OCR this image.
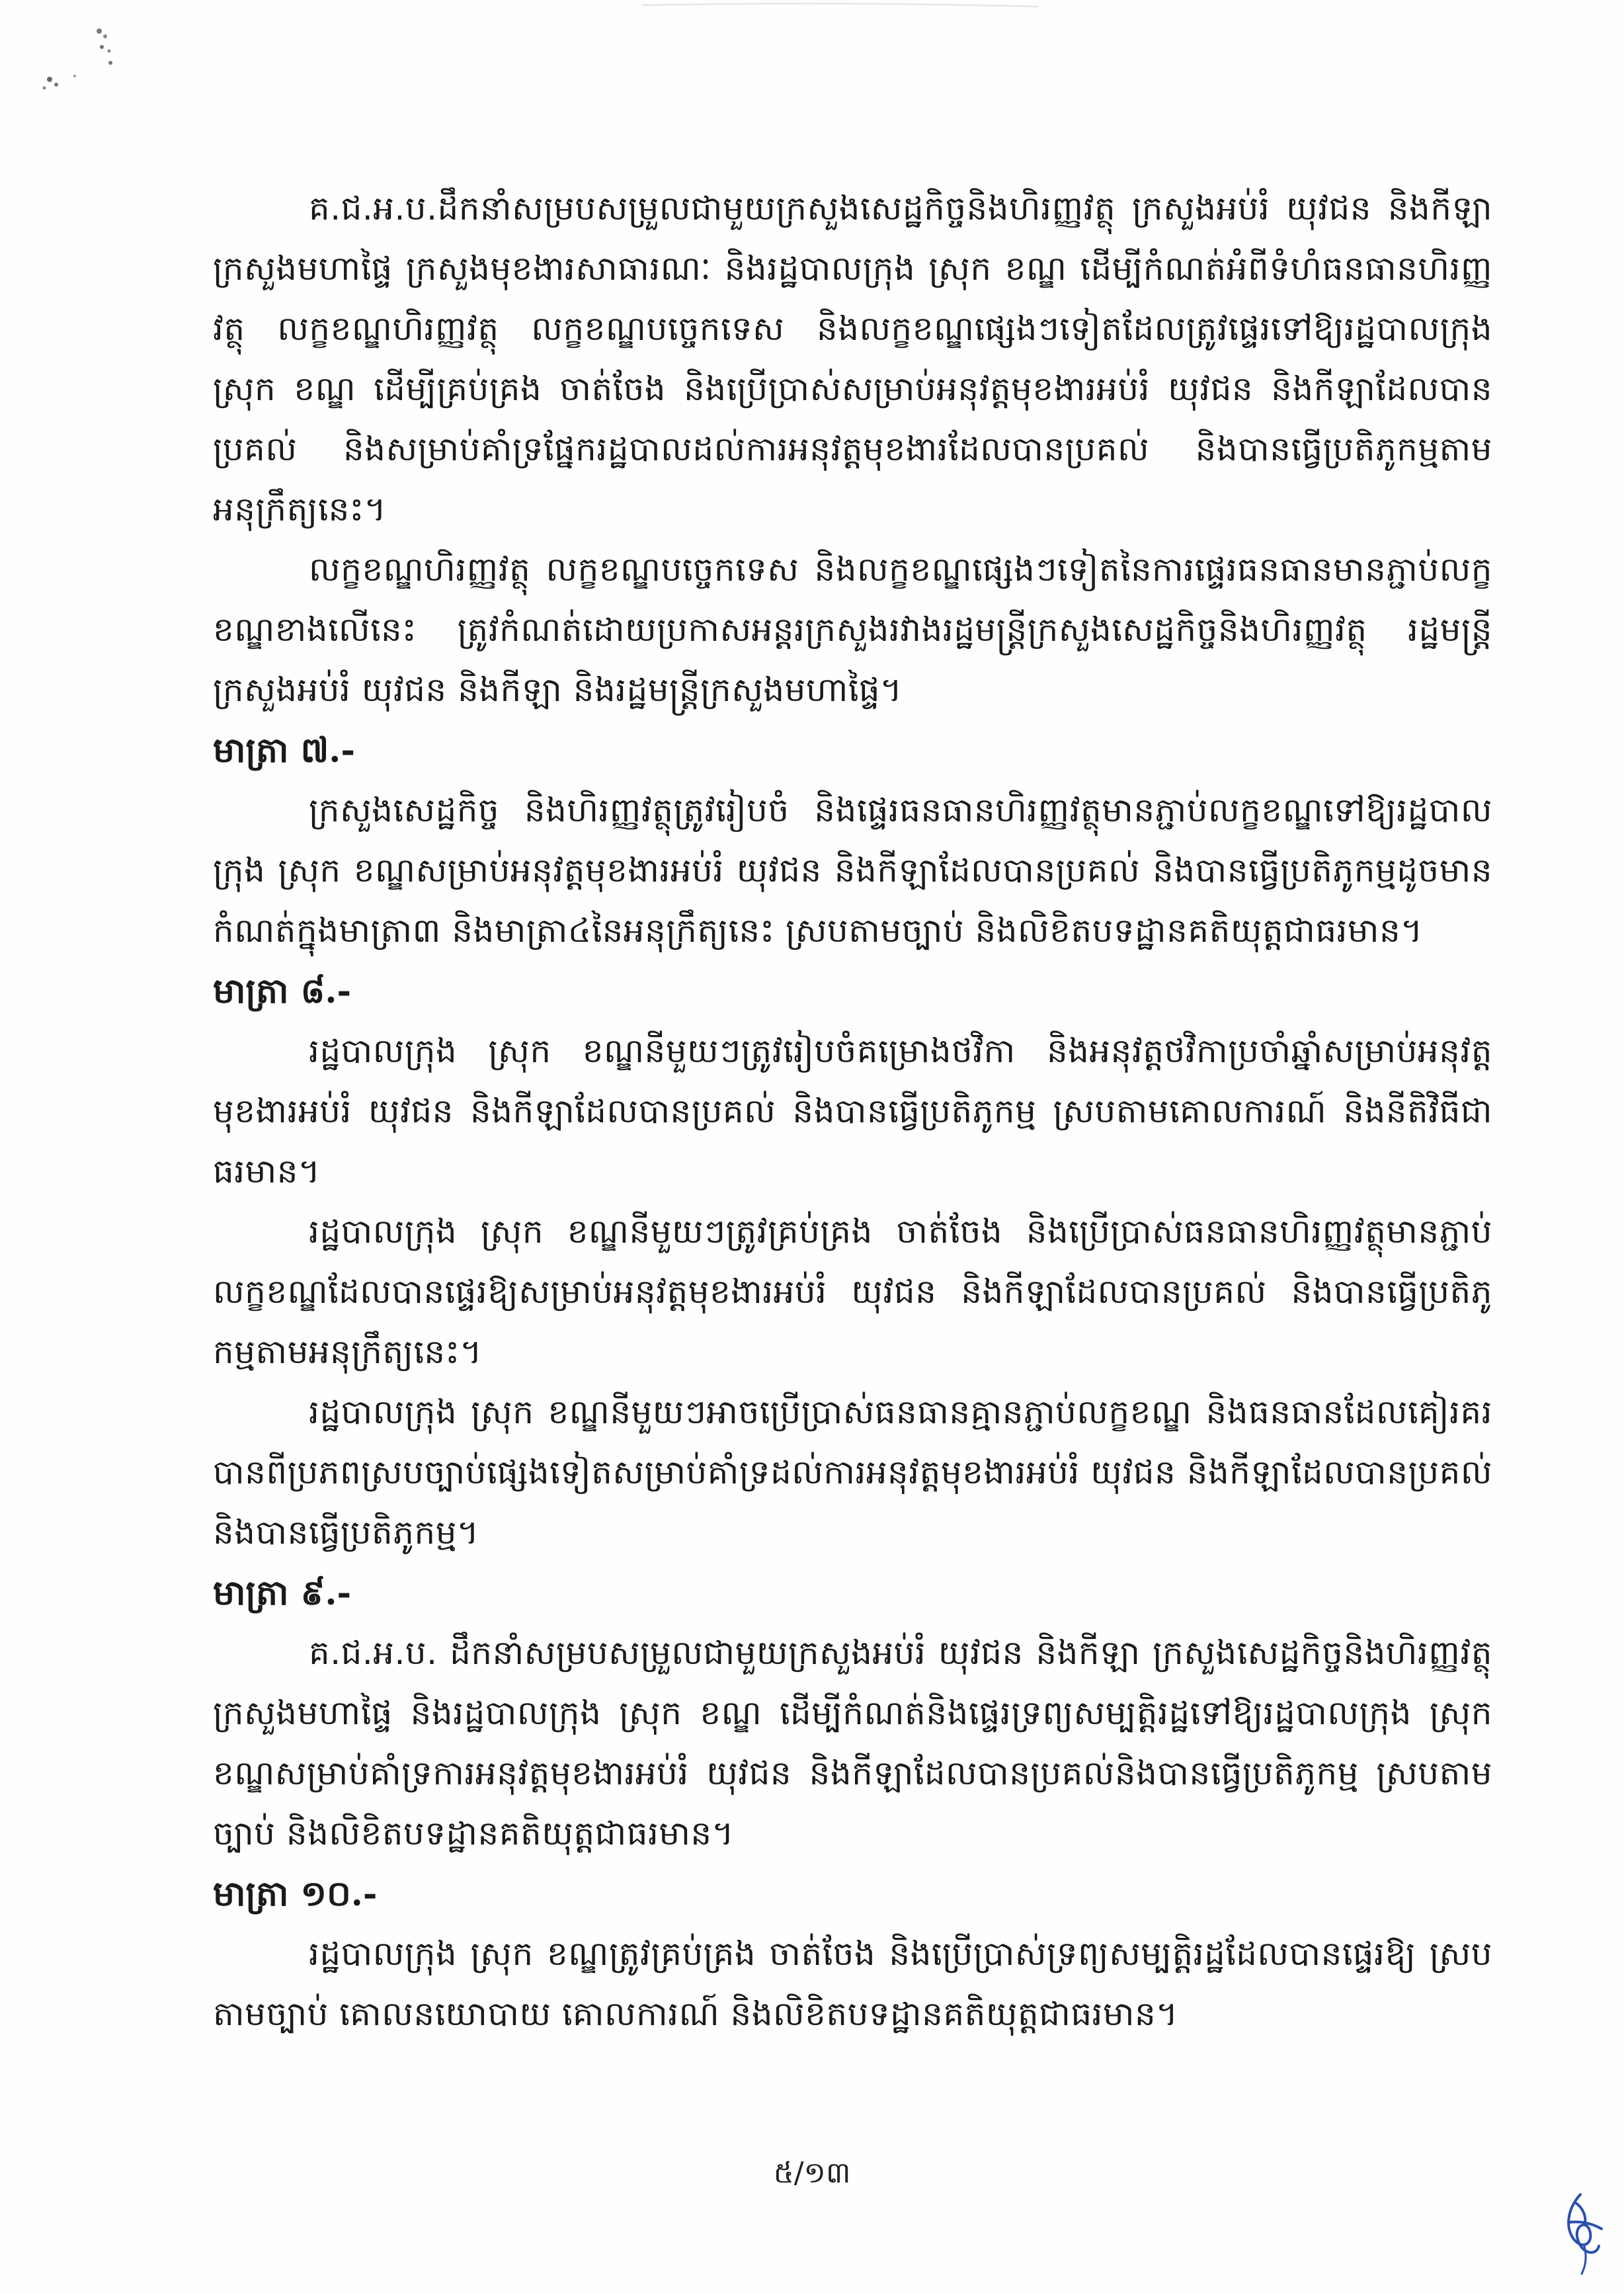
គ.ជ.អ.ប.ដឹកនាំសម្របសម្រួលជាមួយក្រសួងសេដ្ឋកិច្ចនិងហិរញ្ញវត្ថុ ក្រសួងអប់រំ យុវជន និងកីឡា ក្រសួងមហាផ្ទៃ ក្រសួងមុខងារសាធារណៈ និងរដ្ឋបាលក្រុង ស្រុក ខណ្ឌ ដើម្បីកំណត់អំពីទំហំធនធានហិរញ្ញវត្ថុ លក្ខខណ្ឌហិរញ្ញវត្ថុ លក្ខខណ្ឌបច្ចេកទេស និងលក្ខខណ្ឌផ្សេងៗទៀតដែលត្រូវផ្ទេរទៅឱ្យរដ្ឋបាលក្រុង ស្រុក ខណ្ឌ ដើម្បីគ្រប់គ្រង ចាត់ចែង និងប្រើប្រាស់សម្រាប់អនុវត្តមុខងារអប់រំ យុវជន និងកីឡាដែលបានប្រគល់ និងសម្រាប់គាំទ្រផ្នែករដ្ឋបាលដល់ការអនុវត្តមុខងារដែលបានប្រគល់ និងបានធ្វើប្រតិភូកម្មតាមអនុក្រឹត្យនេះ។

លក្ខខណ្ឌហិរញ្ញវត្ថុ លក្ខខណ្ឌបច្ចេកទេស និងលក្ខខណ្ឌផ្សេងៗទៀតនៃការផ្ទេរធនធានមានភ្ជាប់លក្ខខណ្ឌខាងលើនេះ ត្រូវកំណត់ដោយប្រកាសអន្តរក្រសួងរវាងរដ្ឋមន្ត្រីក្រសួងសេដ្ឋកិច្ចនិងហិរញ្ញវត្ថុ រដ្ឋមន្ត្រីក្រសួងអប់រំ យុវជន និងកីឡា និងរដ្ឋមន្ត្រីក្រសួងមហាផ្ទៃ។

មាត្រា ៧.-

ក្រសួងសេដ្ឋកិច្ច និងហិរញ្ញវត្ថុត្រូវរៀបចំ និងផ្ទេរធនធានហិរញ្ញវត្ថុមានភ្ជាប់លក្ខខណ្ឌទៅឱ្យរដ្ឋបាលក្រុង ស្រុក ខណ្ឌសម្រាប់អនុវត្តមុខងារអប់រំ យុវជន និងកីឡាដែលបានប្រគល់ និងបានធ្វើប្រតិភូកម្មដូចមានកំណត់ក្នុងមាត្រា៣ និងមាត្រា៤នៃអនុក្រឹត្យនេះ ស្របតាមច្បាប់ និងលិខិតបទដ្ឋានគតិយុត្តជាធរមាន។

មាត្រា ៨.-

រដ្ឋបាលក្រុង ស្រុក ខណ្ឌនីមួយៗត្រូវរៀបចំគម្រោងថវិកា និងអនុវត្តថវិកាប្រចាំឆ្នាំសម្រាប់អនុវត្តមុខងារអប់រំ យុវជន និងកីឡាដែលបានប្រគល់ និងបានធ្វើប្រតិភូកម្ម ស្របតាមគោលការណ៍ និងនីតិវិធីជាធរមាន។

រដ្ឋបាលក្រុង ស្រុក ខណ្ឌនីមួយៗត្រូវគ្រប់គ្រង ចាត់ចែង និងប្រើប្រាស់ធនធានហិរញ្ញវត្ថុមានភ្ជាប់លក្ខខណ្ឌដែលបានផ្ទេរឱ្យសម្រាប់អនុវត្តមុខងារអប់រំ យុវជន និងកីឡាដែលបានប្រគល់ និងបានធ្វើប្រតិភូកម្មតាមអនុក្រឹត្យនេះ។

រដ្ឋបាលក្រុង ស្រុក ខណ្ឌនីមួយៗអាចប្រើប្រាស់ធនធានគ្មានភ្ជាប់លក្ខខណ្ឌ និងធនធានដែលគៀរគរបានពីប្រភពស្របច្បាប់ផ្សេងទៀតសម្រាប់គាំទ្រដល់ការអនុវត្តមុខងារអប់រំ យុវជន និងកីឡាដែលបានប្រគល់ និងបានធ្វើប្រតិភូកម្ម។

មាត្រា ៩.-

គ.ជ.អ.ប. ដឹកនាំសម្របសម្រួលជាមួយក្រសួងអប់រំ យុវជន និងកីឡា ក្រសួងសេដ្ឋកិច្ចនិងហិរញ្ញវត្ថុ ក្រសួងមហាផ្ទៃ និងរដ្ឋបាលក្រុង ស្រុក ខណ្ឌ ដើម្បីកំណត់និងផ្ទេរទ្រព្យសម្បត្តិរដ្ឋទៅឱ្យរដ្ឋបាលក្រុង ស្រុក ខណ្ឌសម្រាប់គាំទ្រការអនុវត្តមុខងារអប់រំ យុវជន និងកីឡាដែលបានប្រគល់និងបានធ្វើប្រតិភូកម្ម ស្របតាមច្បាប់ និងលិខិតបទដ្ឋានគតិយុត្តជាធរមាន។

មាត្រា ១០.-

រដ្ឋបាលក្រុង ស្រុក ខណ្ឌត្រូវគ្រប់គ្រង ចាត់ចែង និងប្រើប្រាស់ទ្រព្យសម្បត្តិរដ្ឋដែលបានផ្ទេរឱ្យ ស្របតាមច្បាប់ គោលនយោបាយ គោលការណ៍ និងលិខិតបទដ្ឋានគតិយុត្តជាធរមាន។

៥/១៣
